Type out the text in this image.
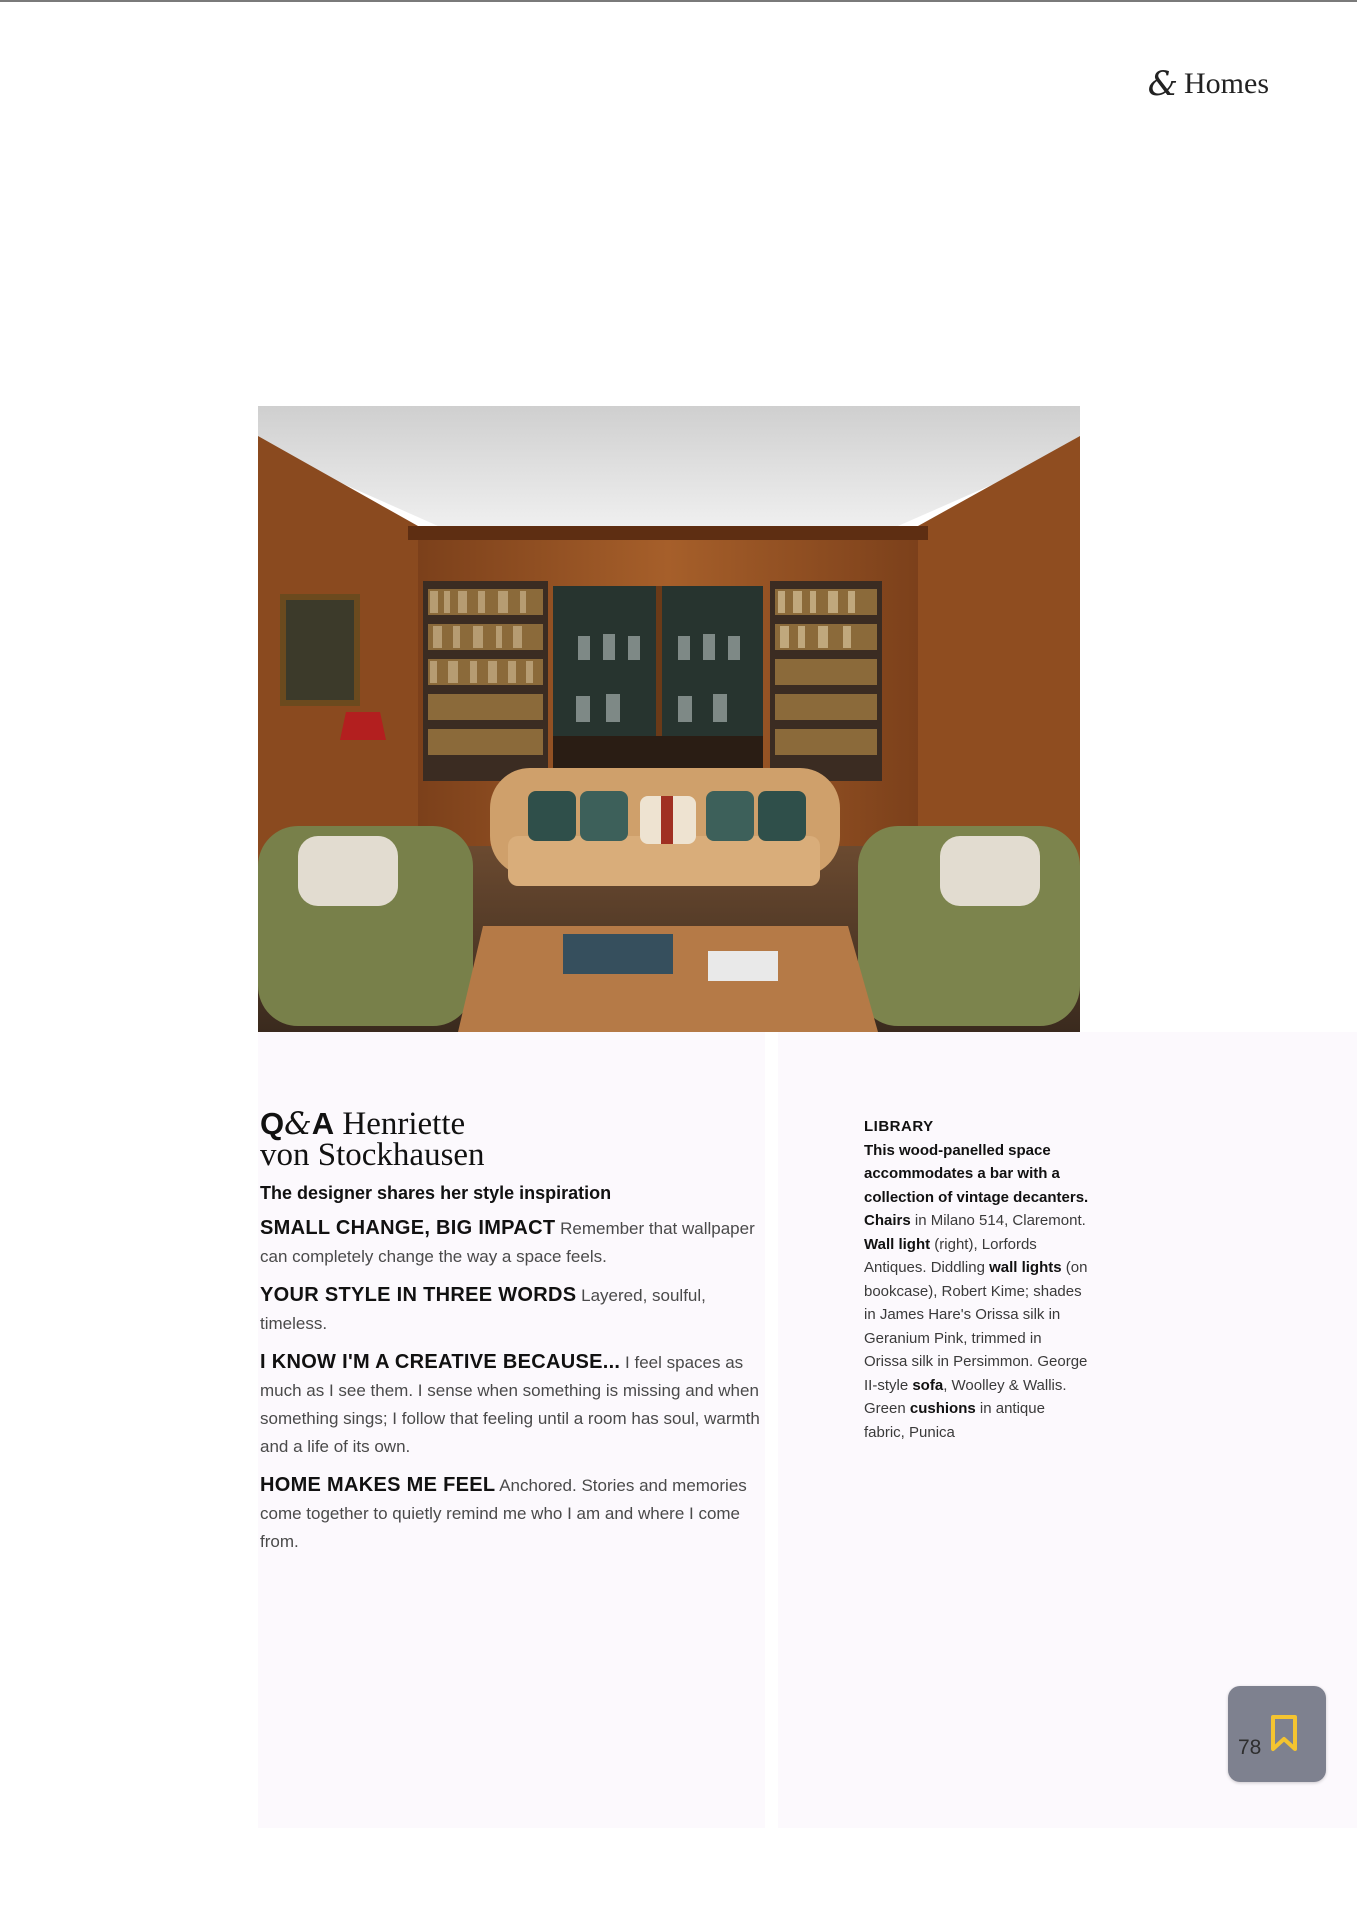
& Homes
Q&A Henriette
von Stockhausen
The designer shares her style inspiration
SMALL CHANGE, BIG IMPACT Remember that wallpaper can completely change the way a space feels.
YOUR STYLE IN THREE WORDS Layered, soulful, timeless.
I KNOW I'M A CREATIVE BECAUSE... I feel spaces as much as I see them. I sense when something is missing and when something sings; I follow that feeling until a room has soul, warmth and a life of its own.
HOME MAKES ME FEEL Anchored. Stories and memories come together to quietly remind me who I am and where I come from.
LIBRARY
This wood-panelled space accommodates a bar with a collection of vintage decanters. Chairs in Milano 514, Claremont. Wall light (right), Lorfords Antiques. Diddling wall lights (on bookcase), Robert Kime; shades in James Hare's Orissa silk in Geranium Pink, trimmed in Orissa silk in Persimmon. George II-style sofa, Woolley & Wallis. Green cushions in antique fabric, Punica
78
